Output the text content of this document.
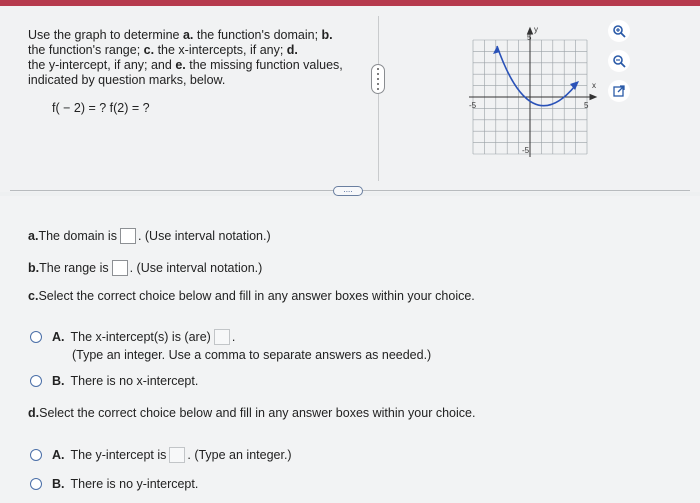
Use the graph to determine a. the function's domain; b.
the function's range; c. the x-intercepts, if any; d.
the y-intercept, if any; and e. the missing function values,
indicated by question marks, below.
f( − 2) = ? f(2) = ?
5
-5
-5	5
y
x
....
a. The domain is . (Use interval notation.)
b. The range is . (Use interval notation.)
c. Select the correct choice below and fill in any answer boxes within your choice.
A. The x-intercept(s) is (are) .
(Type an integer. Use a comma to separate answers as needed.)
B. There is no x-intercept.
d. Select the correct choice below and fill in any answer boxes within your choice.
A. The y-intercept is . (Type an integer.)
B. There is no y-intercept.
